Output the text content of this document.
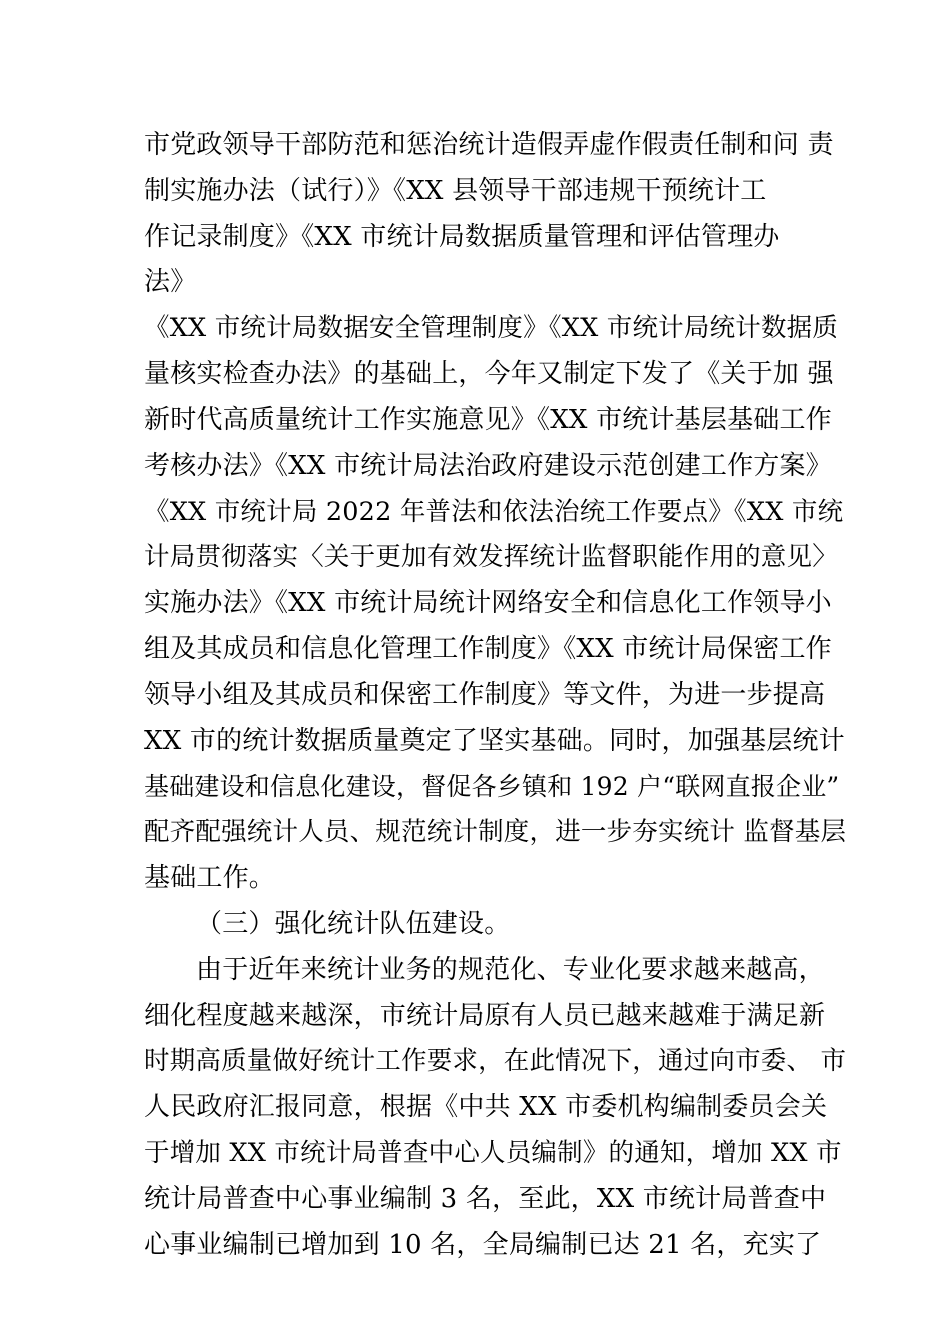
市党政领导干部防范和惩治统计造假弄虚作假责任制和问 责
制实施办法（试行）》《XX 县领导干部违规干预统计工
作记录制度》《XX 市统计局数据质量管理和评估管理办
法》
《XX 市统计局数据安全管理制度》《XX 市统计局统计数据质
量核实检查办法》的基础上，今年又制定下发了《关于加 强
新时代高质量统计工作实施意见》《XX 市统计基层基础工作
考核办法》《XX 市统计局法治政府建设示范创建工作方案》
《XX 市统计局 2022 年普法和依法治统工作要点》《XX 市统
计局贯彻落实〈关于更加有效发挥统计监督职能作用的意见〉
实施办法》《XX 市统计局统计网络安全和信息化工作领导小
组及其成员和信息化管理工作制度》《XX 市统计局保密工作
领导小组及其成员和保密工作制度》等文件，为进一步提高
XX 市的统计数据质量奠定了坚实基础。同时，加强基层统计
基础建设和信息化建设，督促各乡镇和 192 户“联网直报企业”
配齐配强统计人员、规范统计制度，进一步夯实统计 监督基层
基础工作。
（三）强化统计队伍建设。
由于近年来统计业务的规范化、专业化要求越来越高，
细化程度越来越深，市统计局原有人员已越来越难于满足新
时期高质量做好统计工作要求，在此情况下，通过向市委、 市
人民政府汇报同意，根据《中共 XX 市委机构编制委员会关
于增加 XX 市统计局普查中心人员编制》的通知，增加 XX 市
统计局普查中心事业编制 3 名，至此，XX 市统计局普查中
心事业编制已增加到 10 名，全局编制已达 21 名，充实了
